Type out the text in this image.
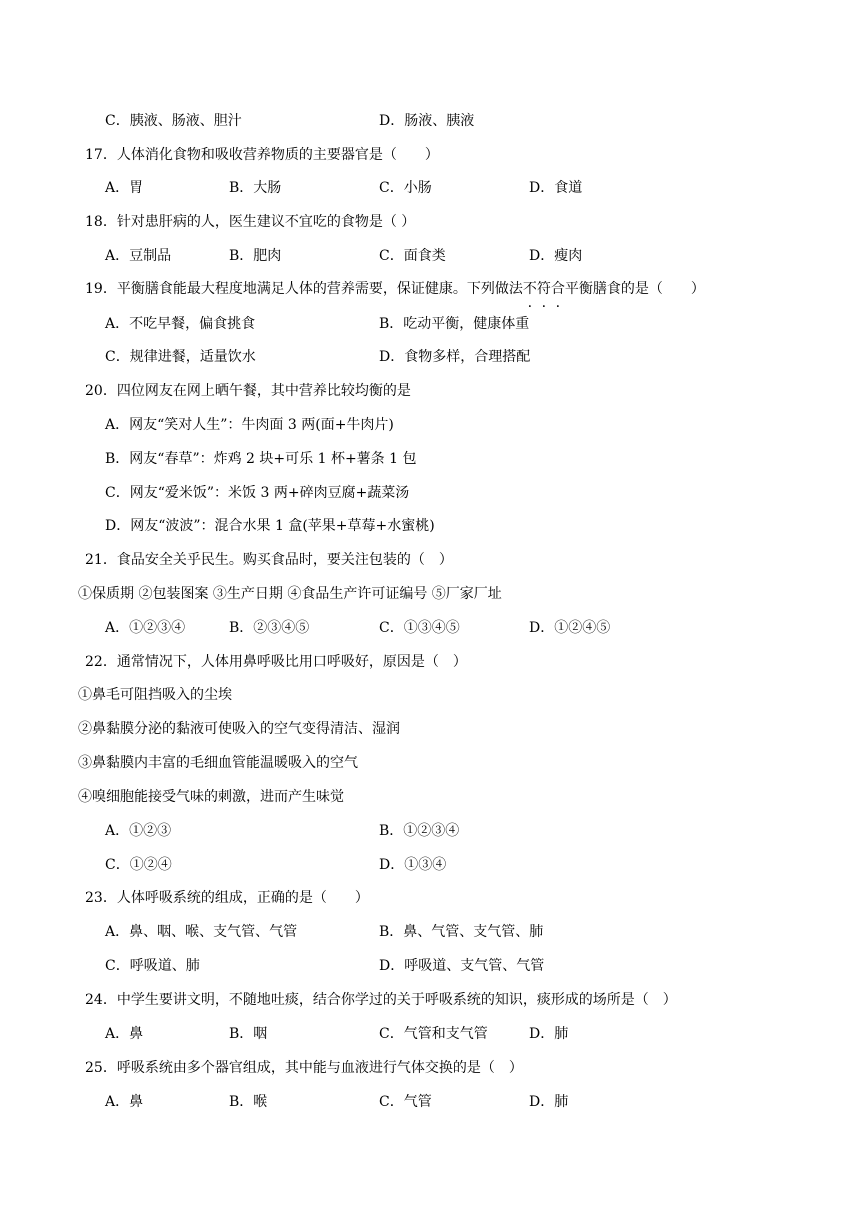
C．胰液、肠液、胆汁	D．肠液、胰液
17．人体消化食物和吸收营养物质的主要器官是（　　）
A．胃	B．大肠	C．小肠	D．食道
18．针对患肝病的人，医生建议不宜吃的食物是（ ）
A．豆制品	B．肥肉	C．面食类	D．瘦肉
19．平衡膳食能最大程度地满足人体的营养需要，保证健康。下列做法不符合平衡膳食的是（　　）
A．不吃早餐，偏食挑食	B．吃动平衡，健康体重
C．规律进餐，适量饮水	D．食物多样，合理搭配
20．四位网友在网上晒午餐，其中营养比较均衡的是
A．网友“笑对人生”：牛肉面 3 两(面+牛肉片)
B．网友“春草”：炸鸡 2 块+可乐 1 杯+薯条 1 包
C．网友“爱米饭”：米饭 3 两+碎肉豆腐+蔬菜汤
D．网友“波波”：混合水果 1 盒(苹果+草莓+水蜜桃)
21．食品安全关乎民生。购买食品时，要关注包装的（　）
①保质期 ②包装图案 ③生产日期 ④食品生产许可证编号 ⑤厂家厂址
A．①②③④	B．②③④⑤	C．①③④⑤	D．①②④⑤
22．通常情况下，人体用鼻呼吸比用口呼吸好，原因是（　）
①鼻毛可阻挡吸入的尘埃
②鼻黏膜分泌的黏液可使吸入的空气变得清洁、湿润
③鼻黏膜内丰富的毛细血管能温暖吸入的空气
④嗅细胞能接受气味的刺激，进而产生味觉
A．①②③	B．①②③④
C．①②④	D．①③④
23．人体呼吸系统的组成，正确的是（　　）
A．鼻、咽、喉、支气管、气管	B．鼻、气管、支气管、肺
C．呼吸道、肺	D．呼吸道、支气管、气管
24．中学生要讲文明，不随地吐痰，结合你学过的关于呼吸系统的知识，痰形成的场所是（　）
A．鼻	B．咽	C．气管和支气管	D．肺
25．呼吸系统由多个器官组成，其中能与血液进行气体交换的是（　）
A．鼻	B．喉	C．气管	D．肺
